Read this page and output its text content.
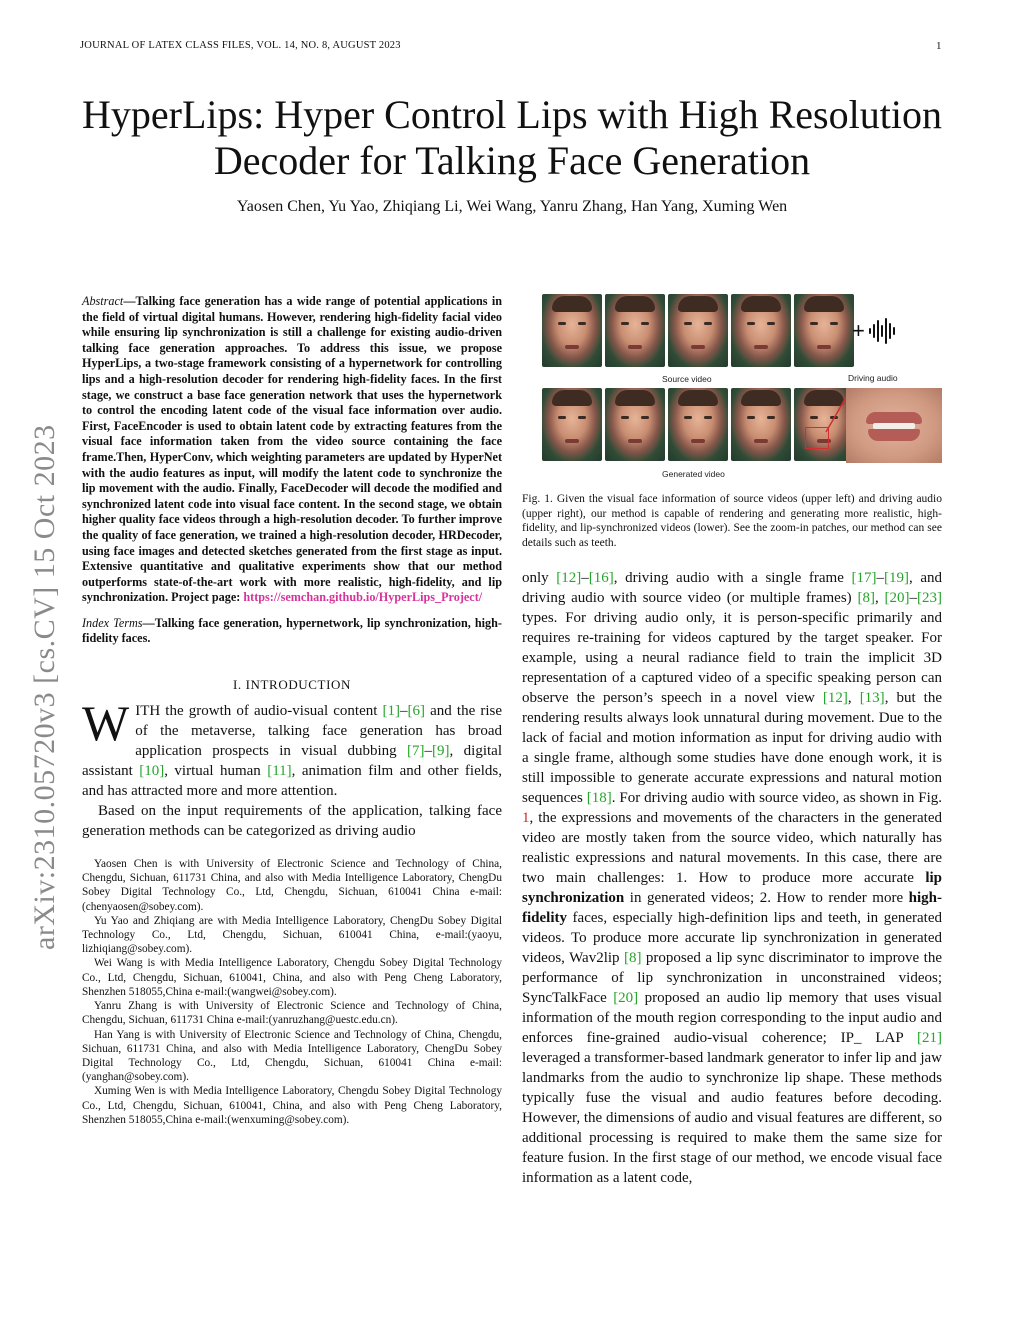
JOURNAL OF LATEX CLASS FILES, VOL. 14, NO. 8, AUGUST 2023	1
HyperLips: Hyper Control Lips with High Resolution Decoder for Talking Face Generation
Yaosen Chen, Yu Yao, Zhiqiang Li, Wei Wang, Yanru Zhang, Han Yang, Xuming Wen
arXiv:2310.05720v3 [cs.CV] 15 Oct 2023

Abstract—Talking face generation has a wide range of potential applications in the field of virtual digital humans. However, rendering high-fidelity facial video while ensuring lip synchronization is still a challenge for existing audio-driven talking face generation approaches. To address this issue, we propose HyperLips, a two-stage framework consisting of a hypernetwork for controlling lips and a high-resolution decoder for rendering high-fidelity faces. In the first stage, we construct a base face generation network that uses the hypernetwork to control the encoding latent code of the visual face information over audio. First, FaceEncoder is used to obtain latent code by extracting features from the visual face information taken from the video source containing the face frame.Then, HyperConv, which weighting parameters are updated by HyperNet with the audio features as input, will modify the latent code to synchronize the lip movement with the audio. Finally, FaceDecoder will decode the modified and synchronized latent code into visual face content. In the second stage, we obtain higher quality face videos through a high-resolution decoder. To further improve the quality of face generation, we trained a high-resolution decoder, HRDecoder, using face images and detected sketches generated from the first stage as input. Extensive quantitative and qualitative experiments show that our method outperforms state-of-the-art work with more realistic, high-fidelity, and lip synchronization. Project page: https://semchan.github.io/HyperLips_Project/

Index Terms—Talking face generation, hypernetwork, lip synchronization, high-fidelity faces.

I. INTRODUCTION

WITH the growth of audio-visual content [1]–[6] and the rise of the metaverse, talking face generation has broad application prospects in visual dubbing [7]–[9], digital assistant [10], virtual human [11], animation film and other fields, and has attracted more and more attention.

Based on the input requirements of the application, talking face generation methods can be categorized as driving audio

Yaosen Chen is with University of Electronic Science and Technology of China, Chengdu, Sichuan, 611731 China, and also with Media Intelligence Laboratory, ChengDu Sobey Digital Technology Co., Ltd, Chengdu, Sichuan, 610041 China e-mail: (chenyaosen@sobey.com).

Yu Yao and Zhiqiang are with Media Intelligence Laboratory, ChengDu Sobey Digital Technology Co., Ltd, Chengdu, Sichuan, 610041 China, e-mail:(yaoyu, lizhiqiang@sobey.com).

Wei Wang is with Media Intelligence Laboratory, Chengdu Sobey Digital Technology Co., Ltd, Chengdu, Sichuan, 610041, China, and also with Peng Cheng Laboratory, Shenzhen 518055,China e-mail:(wangwei@sobey.com).

Yanru Zhang is with University of Electronic Science and Technology of China, Chengdu, Sichuan, 611731 China e-mail:(yanruzhang@uestc.edu.cn).

Han Yang is with University of Electronic Science and Technology of China, Chengdu, Sichuan, 611731 China, and also with Media Intelligence Laboratory, ChengDu Sobey Digital Technology Co., Ltd, Chengdu, Sichuan, 610041 China e-mail: (yanghan@sobey.com).

Xuming Wen is with Media Intelligence Laboratory, Chengdu Sobey Digital Technology Co., Ltd, Chengdu, Sichuan, 610041, China, and also with Peng Cheng Laboratory, Shenzhen 518055,China e-mail:(wenxuming@sobey.com).

Source video
+
Driving audio
Generated video

Fig. 1. Given the visual face information of source videos (upper left) and driving audio (upper right), our method is capable of rendering and generating more realistic, high-fidelity, and lip-synchronized videos (lower). See the zoom-in patches, our method can see details such as teeth.

only [12]–[16], driving audio with a single frame [17]–[19], and driving audio with source video (or multiple frames) [8], [20]–[23] types. For driving audio only, it is person-specific primarily and requires re-training for videos captured by the target speaker. For example, using a neural radiance field to train the implicit 3D representation of a captured video of a specific speaking person can observe the person’s speech in a novel view [12], [13], but the rendering results always look unnatural during movement. Due to the lack of facial and motion information as input for driving audio with a single frame, although some studies have done enough work, it is still impossible to generate accurate expressions and natural motion sequences [18]. For driving audio with source video, as shown in Fig. 1, the expressions and movements of the characters in the generated video are mostly taken from the source video, which naturally has realistic expressions and natural movements. In this case, there are two main challenges: 1. How to produce more accurate lip synchronization in generated videos; 2. How to render more high-fidelity faces, especially high-definition lips and teeth, in generated videos. To produce more accurate lip synchronization in generated videos, Wav2lip [8] proposed a lip sync discriminator to improve the performance of lip synchronization in unconstrained videos; SyncTalkFace [20] proposed an audio lip memory that uses visual information of the mouth region corresponding to the input audio and enforces fine-grained audio-visual coherence; IP_ LAP [21] leveraged a transformer-based landmark generator to infer lip and jaw landmarks from the audio to synchronize lip shape. These methods typically fuse the visual and audio features before decoding. However, the dimensions of audio and visual features are different, so additional processing is required to make them the same size for feature fusion. In the first stage of our method, we encode visual face information as a latent code,
